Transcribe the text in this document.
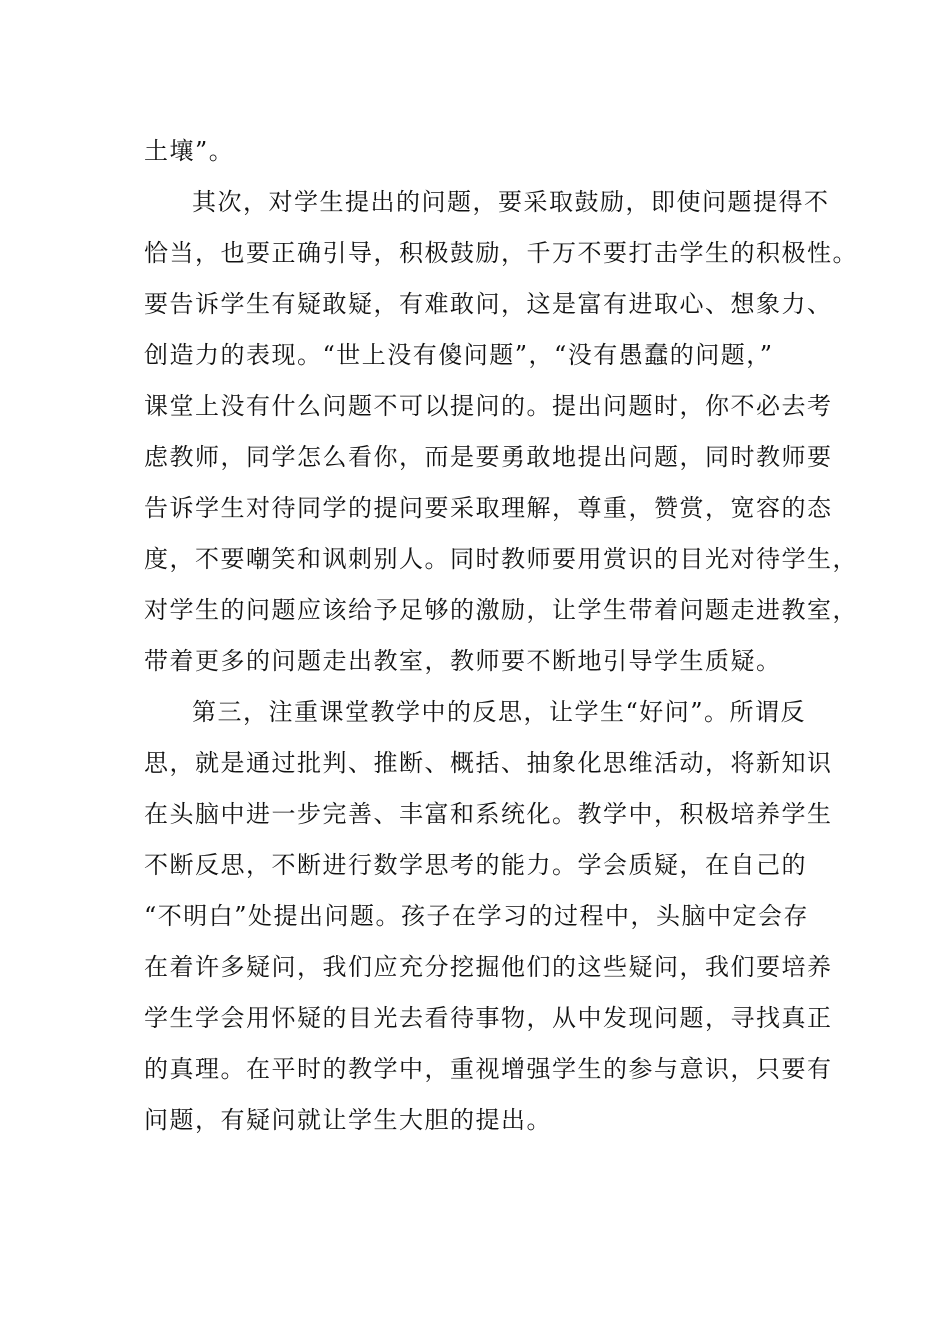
土壤”。
其次，对学生提出的问题，要采取鼓励，即使问题提得不
恰当，也要正确引导，积极鼓励，千万不要打击学生的积极性。
要告诉学生有疑敢疑，有难敢问，这是富有进取心、想象力、
创造力的表现。“世上没有傻问题”，“没有愚蠢的问题，”
课堂上没有什么问题不可以提问的。提出问题时，你不必去考
虑教师，同学怎么看你，而是要勇敢地提出问题，同时教师要
告诉学生对待同学的提问要采取理解，尊重，赞赏，宽容的态
度，不要嘲笑和讽刺别人。同时教师要用赏识的目光对待学生，
对学生的问题应该给予足够的激励，让学生带着问题走进教室，
带着更多的问题走出教室，教师要不断地引导学生质疑。
第三，注重课堂教学中的反思，让学生“好问”。所谓反
思，就是通过批判、推断、概括、抽象化思维活动，将新知识
在头脑中进一步完善、丰富和系统化。教学中，积极培养学生
不断反思，不断进行数学思考的能力。学会质疑，在自己的
“不明白”处提出问题。孩子在学习的过程中，头脑中定会存
在着许多疑问，我们应充分挖掘他们的这些疑问，我们要培养
学生学会用怀疑的目光去看待事物，从中发现问题，寻找真正
的真理。在平时的教学中，重视增强学生的参与意识，只要有
问题，有疑问就让学生大胆的提出。
